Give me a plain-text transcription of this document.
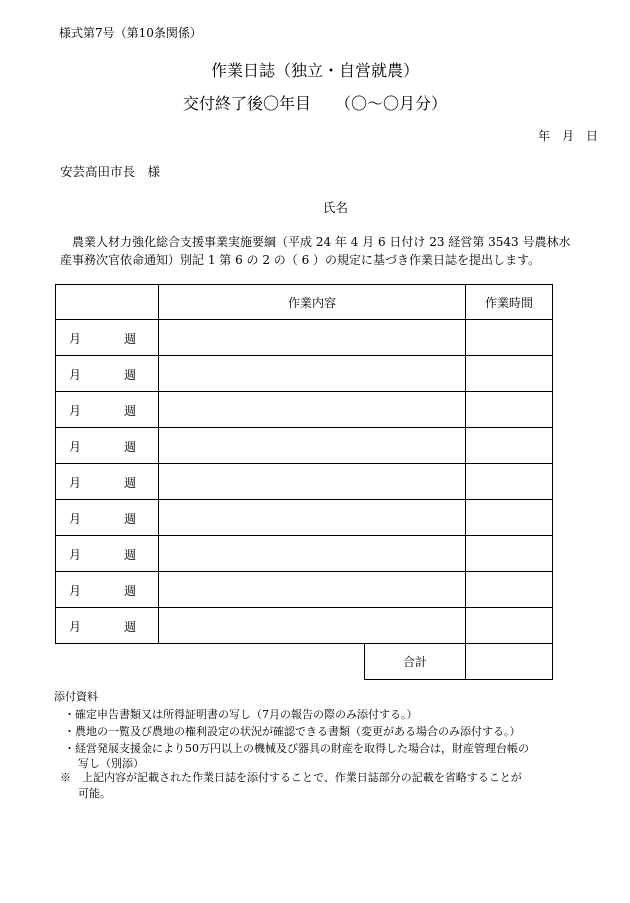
様式第7号（第10条関係）
作業日誌（独立・自営就農）
交付終了後〇年目　　（〇～〇月分）
年　月　日
安芸高田市長　様
氏名

　農業人材力強化総合支援事業実施要綱（平成 24 年 4 月 6 日付け 23 経営第 3543 号農林水

産事務次官依命通知）別記 1 第 6 の 2 の（ 6 ）の規定に基づき作業日誌を提出します。

	作業内容		作業時間

月 週			

月 週			

月 週			

月 週			

月 週			

月 週			

月 週			

月 週			

月 週			

		合計	
添付資料
・確定申告書類又は所得証明書の写し（7月の報告の際のみ添付する。）
・農地の一覧及び農地の権利設定の状況が確認できる書類（変更がある場合のみ添付する。）
・経営発展支援金により50万円以上の機械及び器具の財産を取得した場合は，財産管理台帳の
写し（別添）
※　上記内容が記載された作業日誌を添付することで、作業日誌部分の記載を省略することが
可能。
